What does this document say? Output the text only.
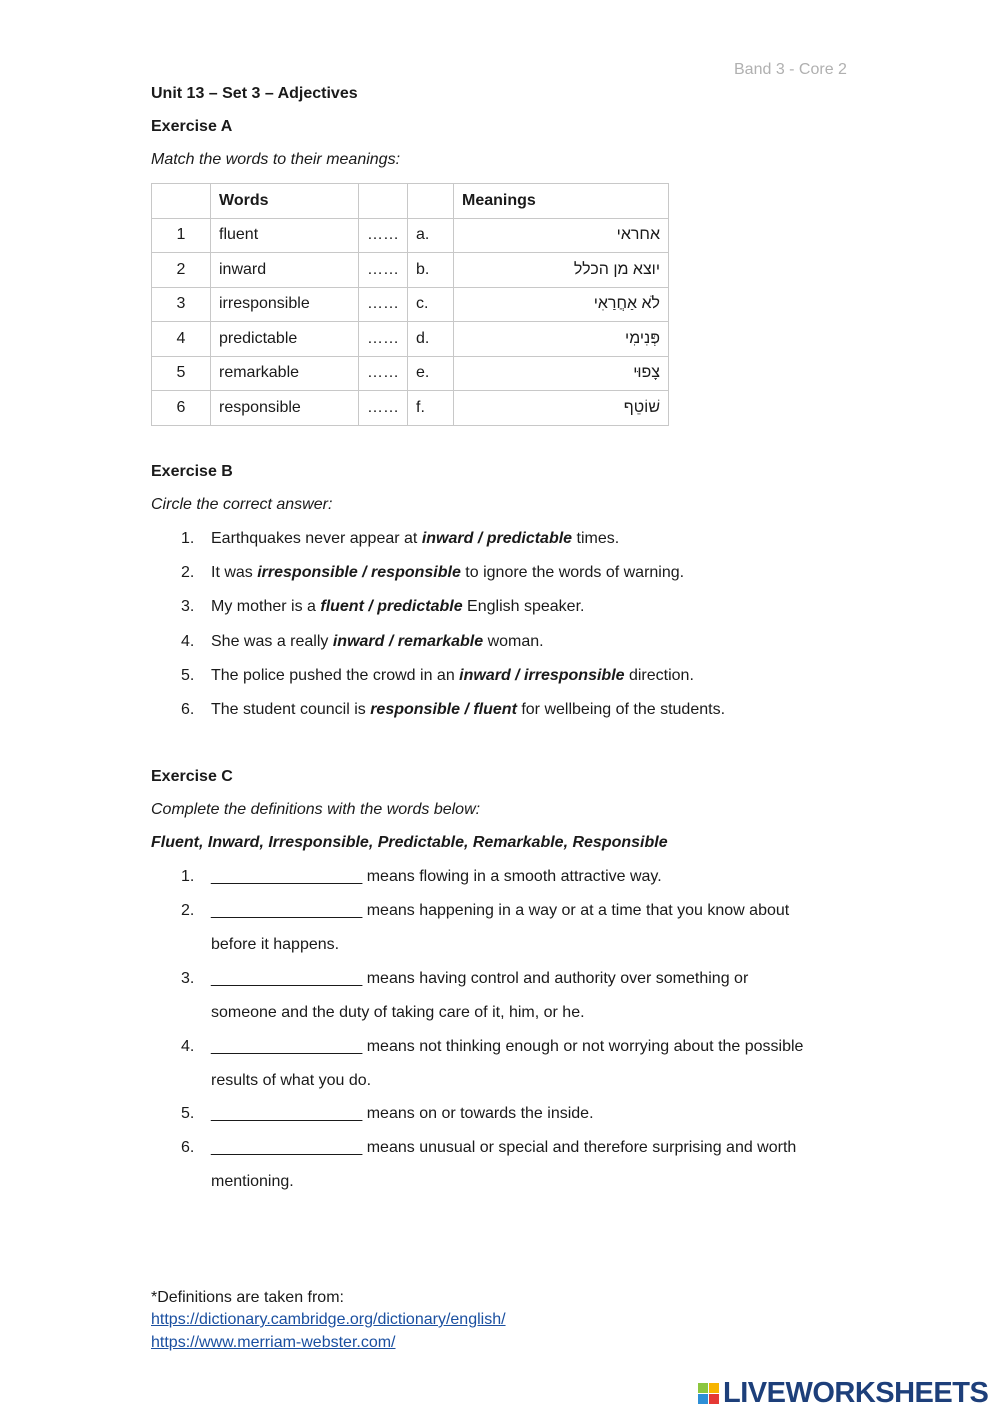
Band 3 - Core 2
Unit 13 – Set 3 – Adjectives
Exercise A
Match the words to their meanings:
	Words			Meanings
1	fluent	……	a.	אחראי
2	inward	……	b.	יוצא מן הכלל
3	irresponsible	……	c.	לֹא אַחֲרַאִי
4	predictable	……	d.	פְּנִימִי
5	remarkable	……	e.	צָפוּי
6	responsible	……	f.	שׁוֹטֵף
Exercise B
Circle the correct answer:
1. Earthquakes never appear at inward / predictable times.
2. It was irresponsible / responsible to ignore the words of warning.
3. My mother is a fluent / predictable English speaker.
4. She was a really inward / remarkable woman.
5. The police pushed the crowd in an inward / irresponsible direction.
6. The student council is responsible / fluent for wellbeing of the students.
Exercise C
Complete the definitions with the words below:
Fluent, Inward, Irresponsible, Predictable, Remarkable, Responsible
1. _________________ means flowing in a smooth attractive way.
2. _________________ means happening in a way or at a time that you know about
before it happens.
3. _________________ means having control and authority over something or
someone and the duty of taking care of it, him, or he.
4. _________________ means not thinking enough or not worrying about the possible
results of what you do.
5. _________________ means on or towards the inside.
6. _________________ means unusual or special and therefore surprising and worth
mentioning.
*Definitions are taken from:
https://dictionary.cambridge.org/dictionary/english/
https://www.merriam-webster.com/
LIVEWORKSHEETS
